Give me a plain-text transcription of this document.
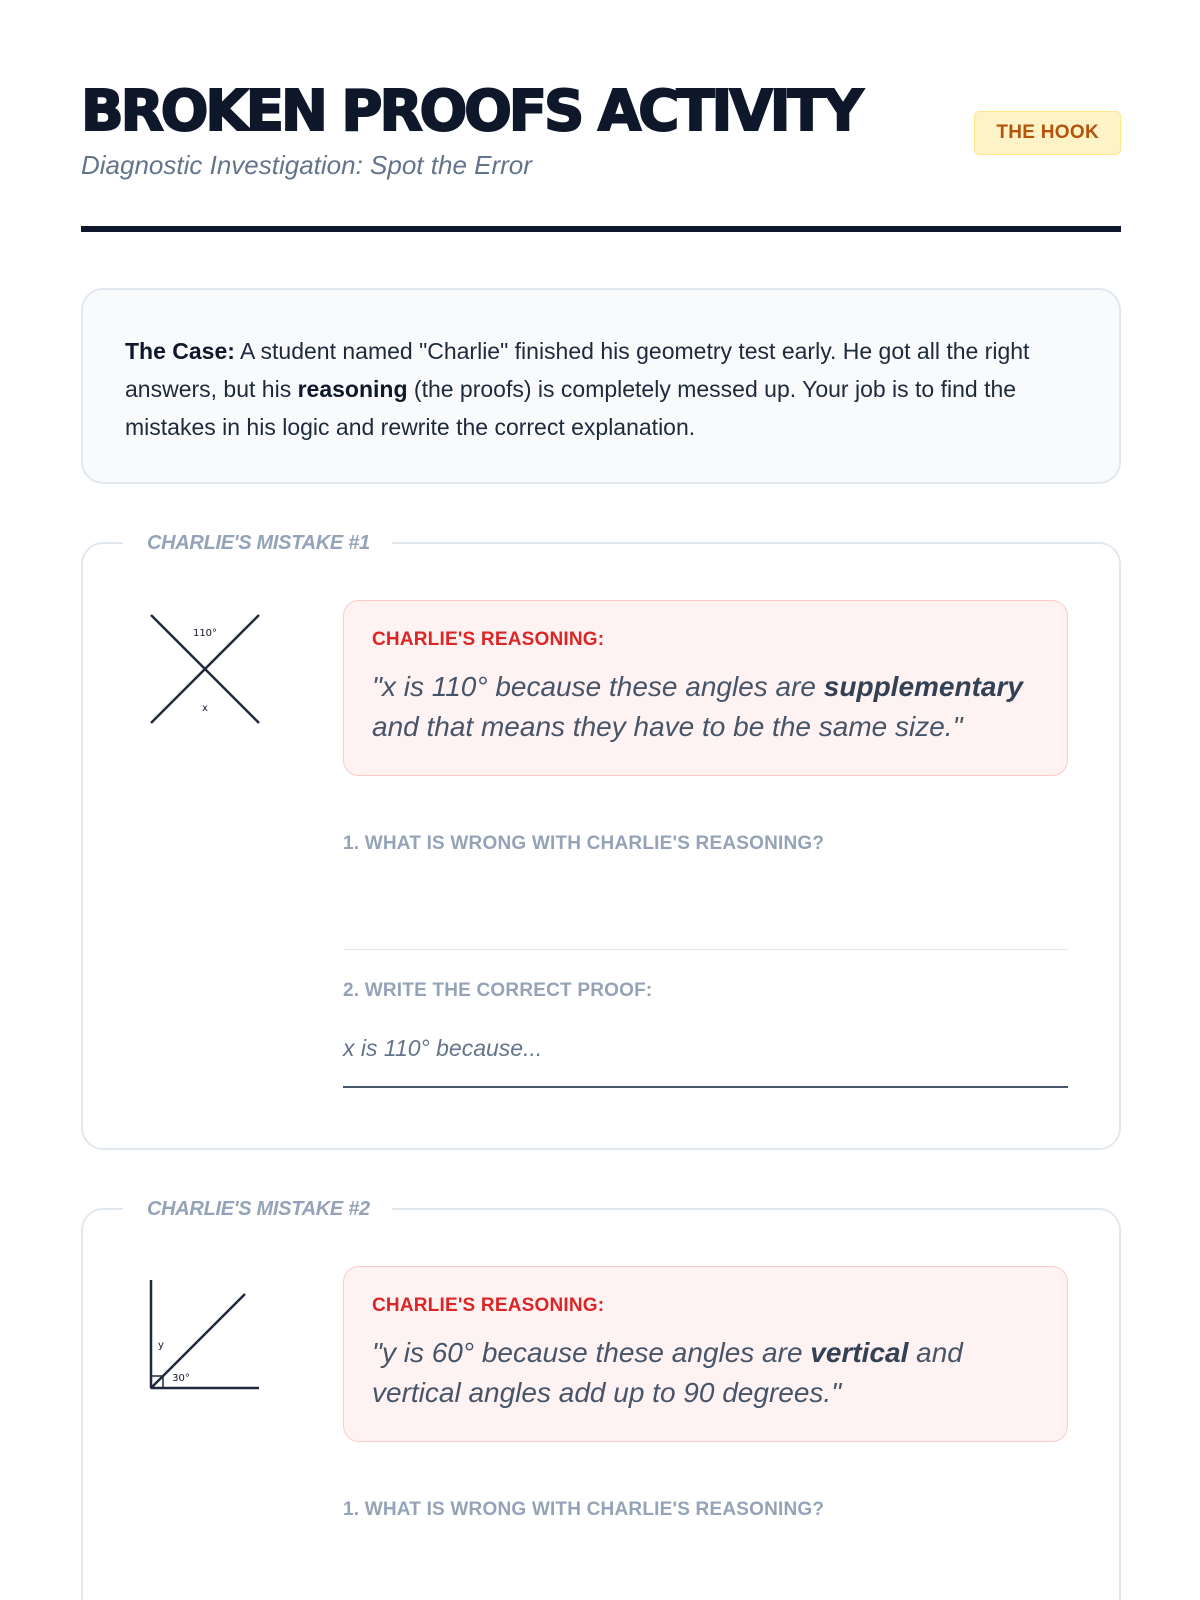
BROKEN PROOFS ACTIVITY

Diagnostic Investigation: Spot the Error

THE HOOK
The Case: A student named "Charlie" finished his geometry test early. He got all the right answers, but his reasoning (the proofs) is completely messed up. Your job is to find the mistakes in his logic and rewrite the correct explanation.
CHARLIE'S MISTAKE #1
110°
x
CHARLIE'S REASONING:
"x is 110° because these angles are supplementary and that means they have to be the same size."
1. WHAT IS WRONG WITH CHARLIE'S REASONING?
2. WRITE THE CORRECT PROOF:
x is 110° because...
CHARLIE'S MISTAKE #2
y
30°
CHARLIE'S REASONING:
"y is 60° because these angles are vertical and vertical angles add up to 90 degrees."
1. WHAT IS WRONG WITH CHARLIE'S REASONING?
